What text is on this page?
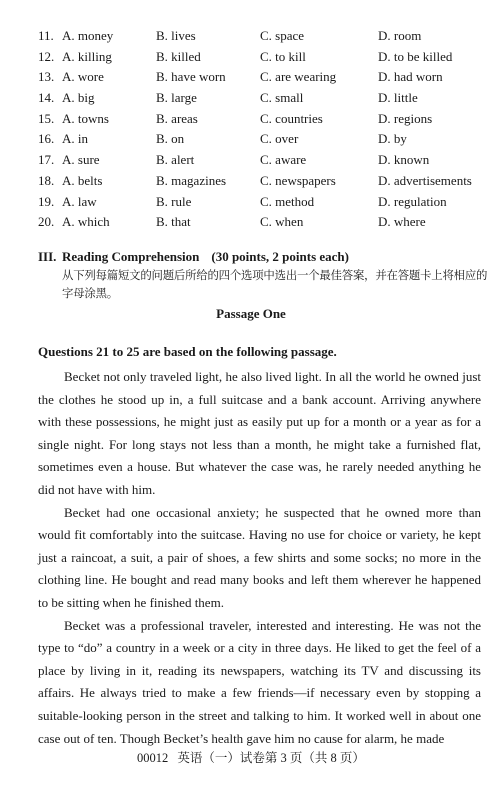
11. A. money	B. lives	C. space	D. room
12. A. killing	B. killed	C. to kill	D. to be killed
13. A. wore	B. have worn	C. are wearing	D. had worn
14. A. big	B. large	C. small	D. little
15. A. towns	B. areas	C. countries	D. regions
16. A. in	B. on	C. over	D. by
17. A. sure	B. alert	C. aware	D. known
18. A. belts	B. magazines	C. newspapers	D. advertisements
19. A. law	B. rule	C. method	D. regulation
20. A. which	B. that	C. when	D. where
III. Reading Comprehension (30 points, 2 points each)
从下列每篇短文的问题后所给的四个选项中选出一个最佳答案，并在答题卡上将相应的字母涂黑。
Passage One
Questions 21 to 25 are based on the following passage.

Becket not only traveled light, he also lived light. In all the world he owned just the clothes he stood up in, a full suitcase and a bank account. Arriving anywhere with these possessions, he might just as easily put up for a month or a year as for a single night. For long stays not less than a month, he might take a furnished flat, sometimes even a house. But whatever the case was, he rarely needed anything he did not have with him.

Becket had one occasional anxiety; he suspected that he owned more than would fit comfortably into the suitcase. Having no use for choice or variety, he kept just a raincoat, a suit, a pair of shoes, a few shirts and some socks; no more in the clothing line. He bought and read many books and left them wherever he happened to be sitting when he finished them.

Becket was a professional traveler, interested and interesting. He was not the type to “do” a country in a week or a city in three days. He liked to get the feel of a place by living in it, reading its newspapers, watching its TV and discussing its affairs. He always tried to make a few friends—if necessary even by stopping a suitable-looking person in the street and talking to him. It worked well in about one case out of ten. Though Becket’s health gave him no cause for alarm, he made

00012 英语（一）试卷第 3 页（共 8 页）
